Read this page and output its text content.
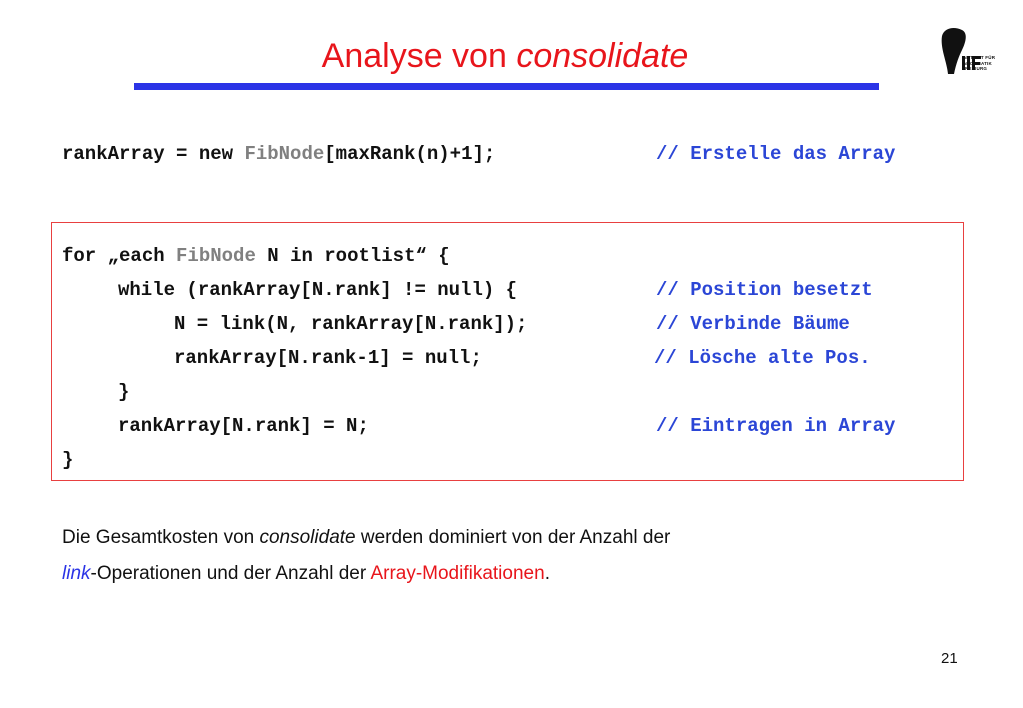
Analyse von consolidate	INSTITUT FÜR
INFORMATIK
FREIBURG
rankArray = new FibNode[maxRank(n)+1];	// Erstelle das Array
for „each FibNode N in rootlist“ {
while (rankArray[N.rank] != null) {	// Position besetzt
N = link(N, rankArray[N.rank]);	// Verbinde Bäume
rankArray[N.rank-1] = null;	// Lösche alte Pos.
}
rankArray[N.rank] = N;	// Eintragen in Array
}
Die Gesamtkosten von consolidate werden dominiert von der Anzahl der
link-Operationen und der Anzahl der Array-Modifikationen.
21
